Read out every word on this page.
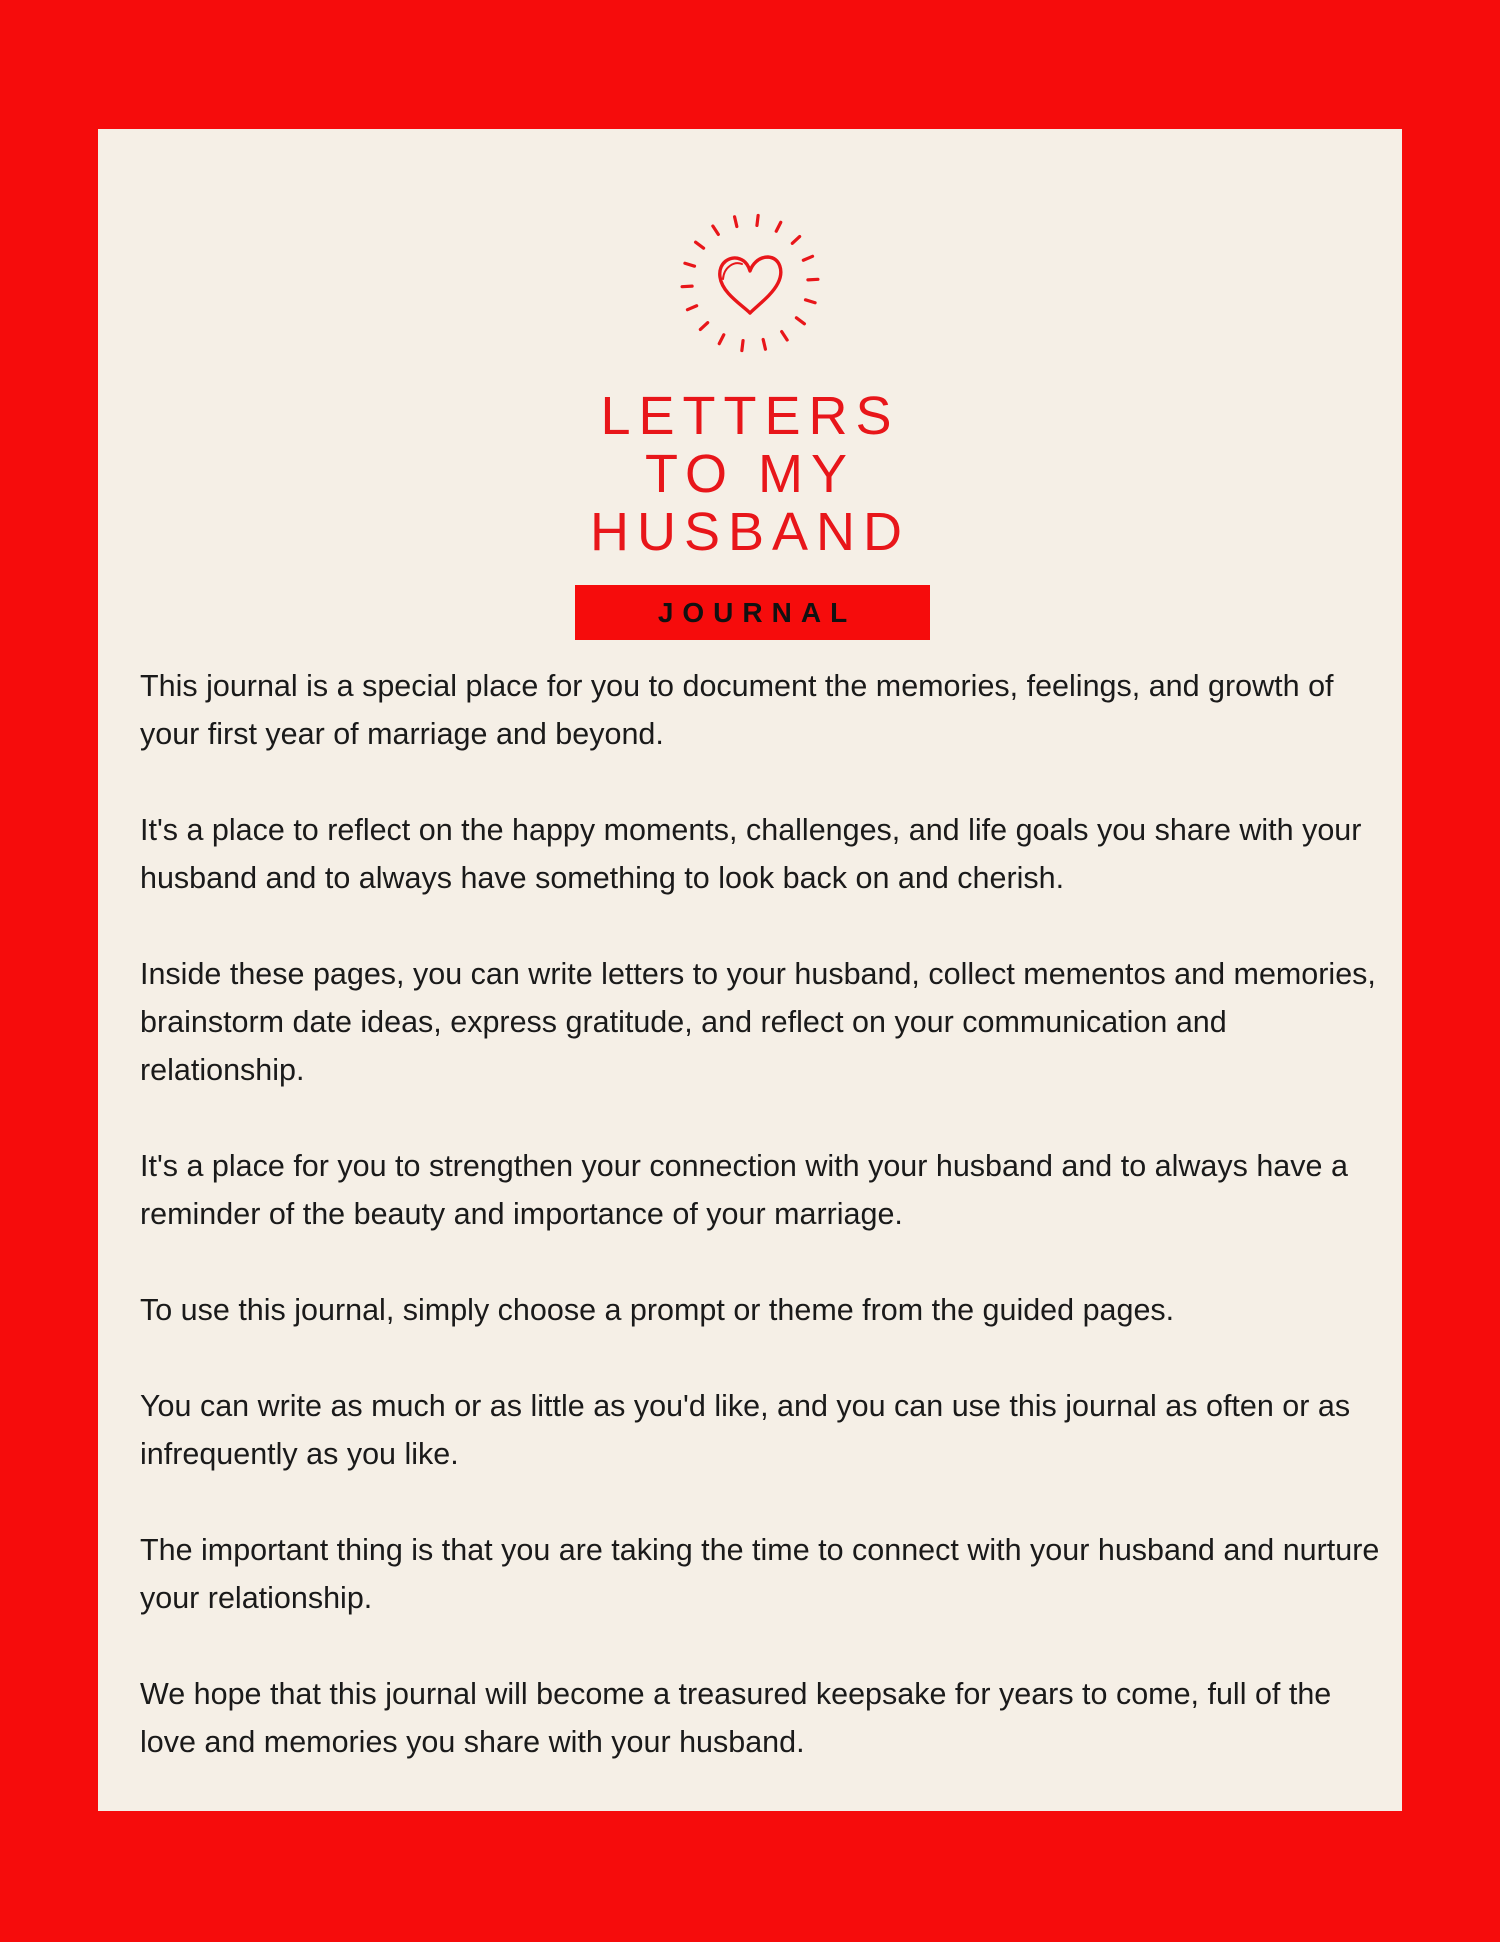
LETTERS
TO MY
HUSBAND
JOURNAL

This journal is a special place for you to document the memories, feelings, and growth of your first year of marriage and beyond.

It's a place to reflect on the happy moments, challenges, and life goals you share with your husband and to always have something to look back on and cherish.

Inside these pages, you can write letters to your husband, collect mementos and memories, brainstorm date ideas, express gratitude, and reflect on your communication and relationship.

It's a place for you to strengthen your connection with your husband and to always have a reminder of the beauty and importance of your marriage.

To use this journal, simply choose a prompt or theme from the guided pages.

You can write as much or as little as you'd like, and you can use this journal as often or as infrequently as you like.

The important thing is that you are taking the time to connect with your husband and nurture your relationship.

We hope that this journal will become a treasured keepsake for years to come, full of the love and memories you share with your husband.
